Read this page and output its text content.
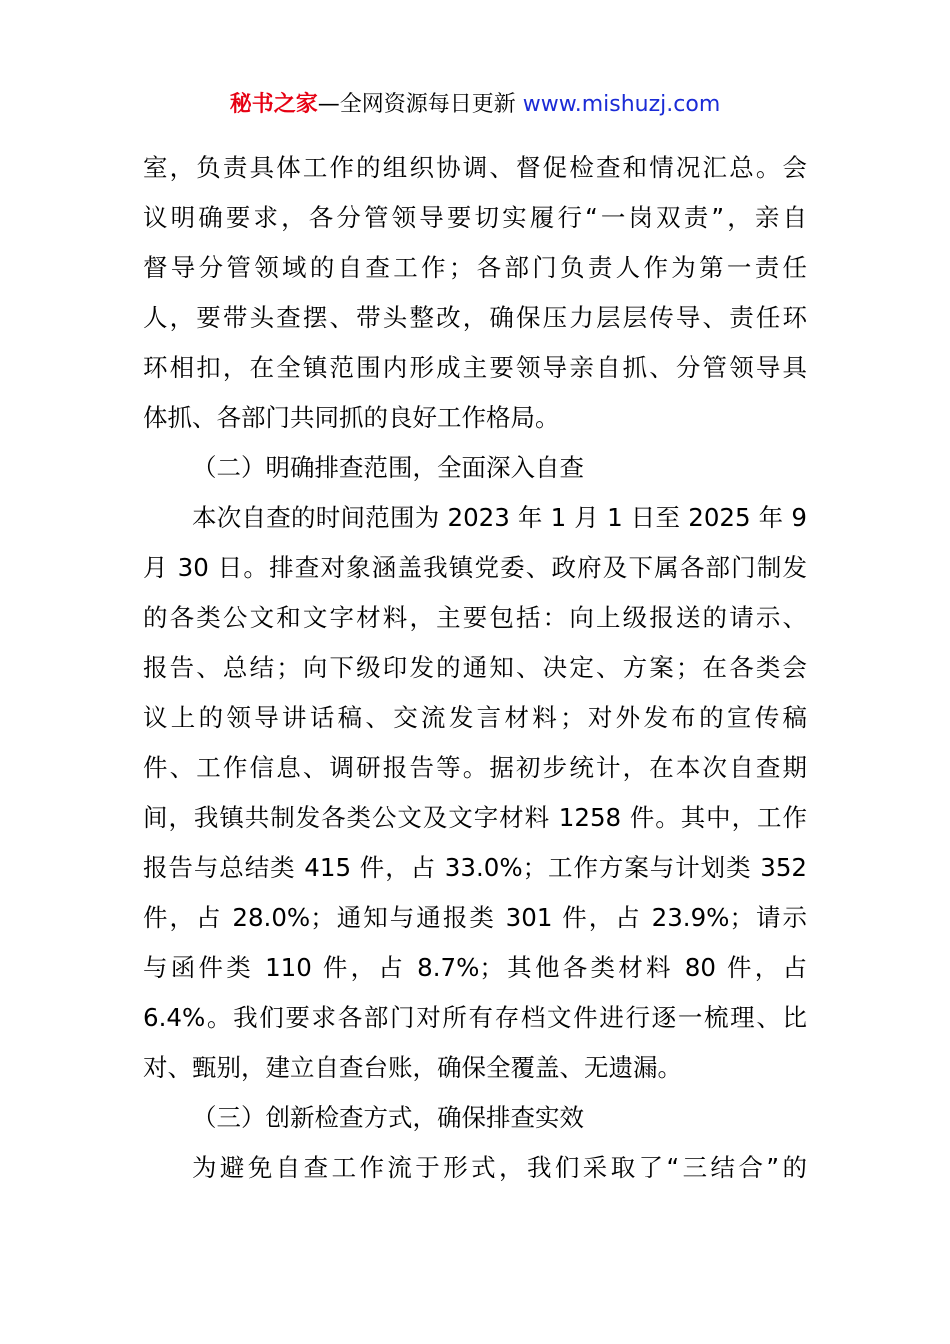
秘书之家—全网资源每日更新 www.mishuzj.com
室，负责具体工作的组织协调、督促检查和情况汇总。会
议明确要求，各分管领导要切实履行“一岗双责”，亲自
督导分管领域的自查工作；各部门负责人作为第一责任
人，要带头查摆、带头整改，确保压力层层传导、责任环
环相扣，在全镇范围内形成主要领导亲自抓、分管领导具
体抓、各部门共同抓的良好工作格局。
（二）明确排查范围，全面深入自查
本次自查的时间范围为 2023 年 1 月 1 日至 2025 年 9
月 30 日。排查对象涵盖我镇党委、政府及下属各部门制发
的各类公文和文字材料，主要包括：向上级报送的请示、
报告、总结；向下级印发的通知、决定、方案；在各类会
议上的领导讲话稿、交流发言材料；对外发布的宣传稿
件、工作信息、调研报告等。据初步统计，在本次自查期
间，我镇共制发各类公文及文字材料 1258 件。其中，工作
报告与总结类 415 件，占 33.0%；工作方案与计划类 352
件，占 28.0%；通知与通报类 301 件，占 23.9%；请示
与函件类 110 件，占 8.7%；其他各类材料 80 件，占
6.4%。我们要求各部门对所有存档文件进行逐一梳理、比
对、甄别，建立自查台账，确保全覆盖、无遗漏。
（三）创新检查方式，确保排查实效
为避免自查工作流于形式，我们采取了“三结合”的
